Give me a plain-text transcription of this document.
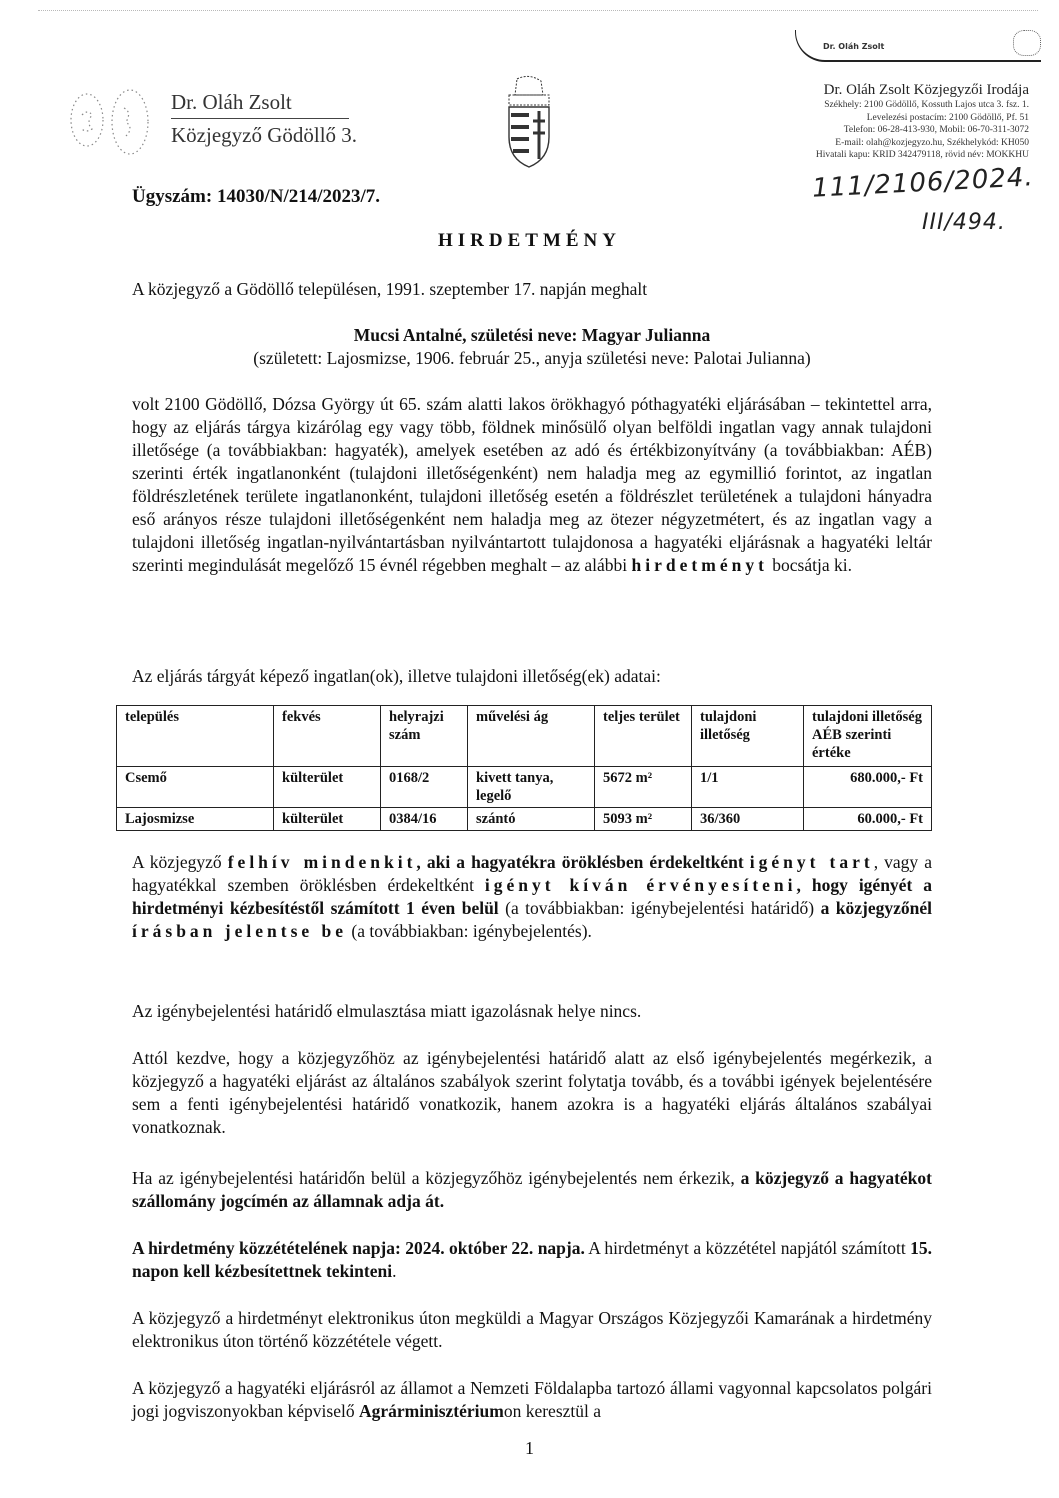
Dr. Oláh Zsolt
Közjegyző Gödöllő 3.
Dr. Oláh Zsolt
Dr. Oláh Zsolt Közjegyzői Irodája
Székhely: 2100 Gödöllő, Kossuth Lajos utca 3. fsz. 1.
Levelezési postacím: 2100 Gödöllő, Pf. 51
Telefon: 06-28-413-930, Mobil: 06-70-311-3072
E-mail: olah@kozjegyzo.hu, Székhelykód: KH050
Hivatali kapu: KRID 342479118, rövid név: MOKKHU
111/2106/2024.
III/494.
Ügyszám: 14030/N/214/2023/7.
HIRDETMÉNY
A közjegyző a Gödöllő településen, 1991. szeptember 17. napján meghalt
Mucsi Antalné, születési neve: Magyar Julianna
(született: Lajosmizse, 1906. február 25., anyja születési neve: Palotai Julianna)
volt 2100 Gödöllő, Dózsa György út 65. szám alatti lakos örökhagyó póthagyatéki eljárásában – tekintettel arra, hogy az eljárás tárgya kizárólag egy vagy több, földnek minősülő olyan belföldi ingatlan vagy annak tulajdoni illetősége (a továbbiakban: hagyaték), amelyek esetében az adó és értékbizonyítvány (a továbbiakban: AÉB) szerinti érték ingatlanonként (tulajdoni illetőségenként) nem haladja meg az egymillió forintot, az ingatlan földrészletének területe ingatlanonként, tulajdoni illetőség esetén a földrészlet területének a tulajdoni hányadra eső arányos része tulajdoni illetőségenként nem haladja meg az ötezer négyzetmétert, és az ingatlan vagy a tulajdoni illetőség ingatlan-nyilvántartásban nyilvántartott tulajdonosa a hagyatéki eljárásnak a hagyatéki leltár szerinti megindulását megelőző 15 évnél régebben meghalt – az alábbi hirdetményt bocsátja ki.
Az eljárás tárgyát képező ingatlan(ok), illetve tulajdoni illetőség(ek) adatai:
település	fekvés	helyrajzi szám	művelési ág	teljes terület	tulajdoni illetőség	tulajdoni illetőség AÉB szerinti értéke
Csemő	külterület	0168/2	kivett tanya, legelő	5672 m²	1/1	680.000,- Ft
Lajosmizse	külterület	0384/16	szántó	5093 m²	36/360	60.000,- Ft
A közjegyző felhív mindenkit, aki a hagyatékra öröklésben érdekeltként igényt tart, vagy a hagyatékkal szemben öröklésben érdekeltként igényt kíván érvényesíteni, hogy igényét a hirdetményi kézbesítéstől számított 1 éven belül (a továbbiakban: igénybejelentési határidő) a közjegyzőnél írásban jelentse be (a továbbiakban: igénybejelentés).
Az igénybejelentési határidő elmulasztása miatt igazolásnak helye nincs.
Attól kezdve, hogy a közjegyzőhöz az igénybejelentési határidő alatt az első igénybejelentés megérkezik, a közjegyző a hagyatéki eljárást az általános szabályok szerint folytatja tovább, és a további igények bejelentésére sem a fenti igénybejelentési határidő vonatkozik, hanem azokra is a hagyatéki eljárás általános szabályai vonatkoznak.
Ha az igénybejelentési határidőn belül a közjegyzőhöz igénybejelentés nem érkezik, a közjegyző a hagyatékot szállomány jogcímén az államnak adja át.
A hirdetmény közzétételének napja: 2024. október 22. napja. A hirdetményt a közzététel napjától számított 15. napon kell kézbesítettnek tekinteni.
A közjegyző a hirdetményt elektronikus úton megküldi a Magyar Országos Közjegyzői Kamarának a hirdetmény elektronikus úton történő közzététele végett.
A közjegyző a hagyatéki eljárásról az államot a Nemzeti Földalapba tartozó állami vagyonnal kapcsolatos polgári jogi jogviszonyokban képviselő Agrárminisztériumon keresztül a
1
